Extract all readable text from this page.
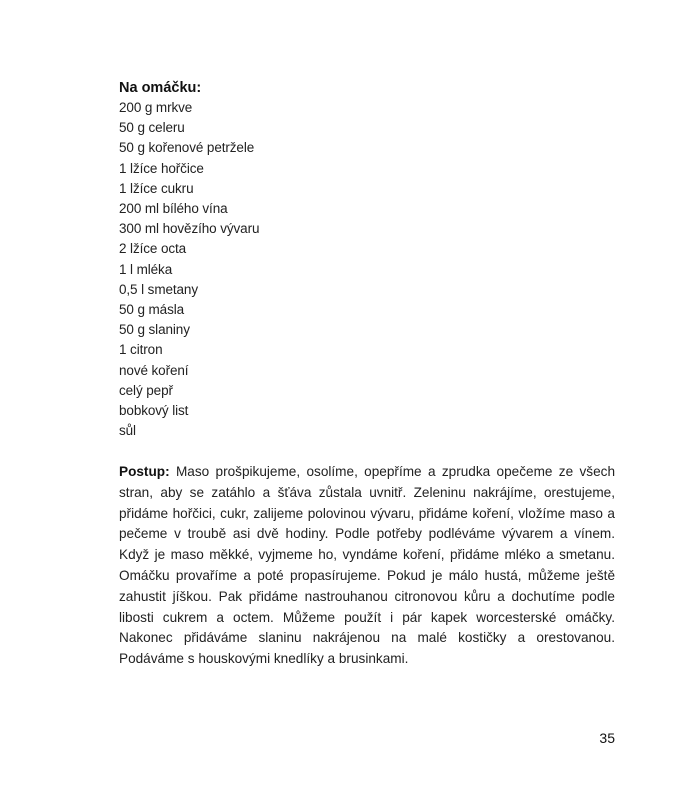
Na omáčku:
200 g mrkve
50 g celeru
50 g kořenové petržele
1 lžíce hořčice
1 lžíce cukru
200 ml bílého vína
300 ml hovězího vývaru
2 lžíce octa
1 l mléka
0,5 l smetany
50 g másla
50 g slaniny
1 citron
nové koření
celý pepř
bobkový list
sůl

Postup: Maso prošpikujeme, osolíme, opepříme a zprudka opečeme ze všech stran, aby se zatáhlo a šťáva zůstala uvnitř. Zeleninu nakrájíme, orestujeme, přidáme hořčici, cukr, zalijeme polovinou vývaru, přidáme koření, vložíme maso a pečeme v troubě asi dvě hodiny. Podle potřeby podléváme vývarem a vínem. Když je maso měkké, vyjmeme ho, vyndáme koření, přidáme mléko a smetanu. Omáčku provaříme a poté propasírujeme. Pokud je málo hustá, můžeme ještě zahustit jíškou. Pak přidáme nastrouhanou citronovou kůru a dochutíme podle libosti cukrem a octem. Můžeme použít i pár kapek worcesterské omáčky. Nakonec přidáváme slaninu nakrájenou na malé kostičky a orestovanou. Podáváme s houskovými knedlíky a brusinkami.

35
